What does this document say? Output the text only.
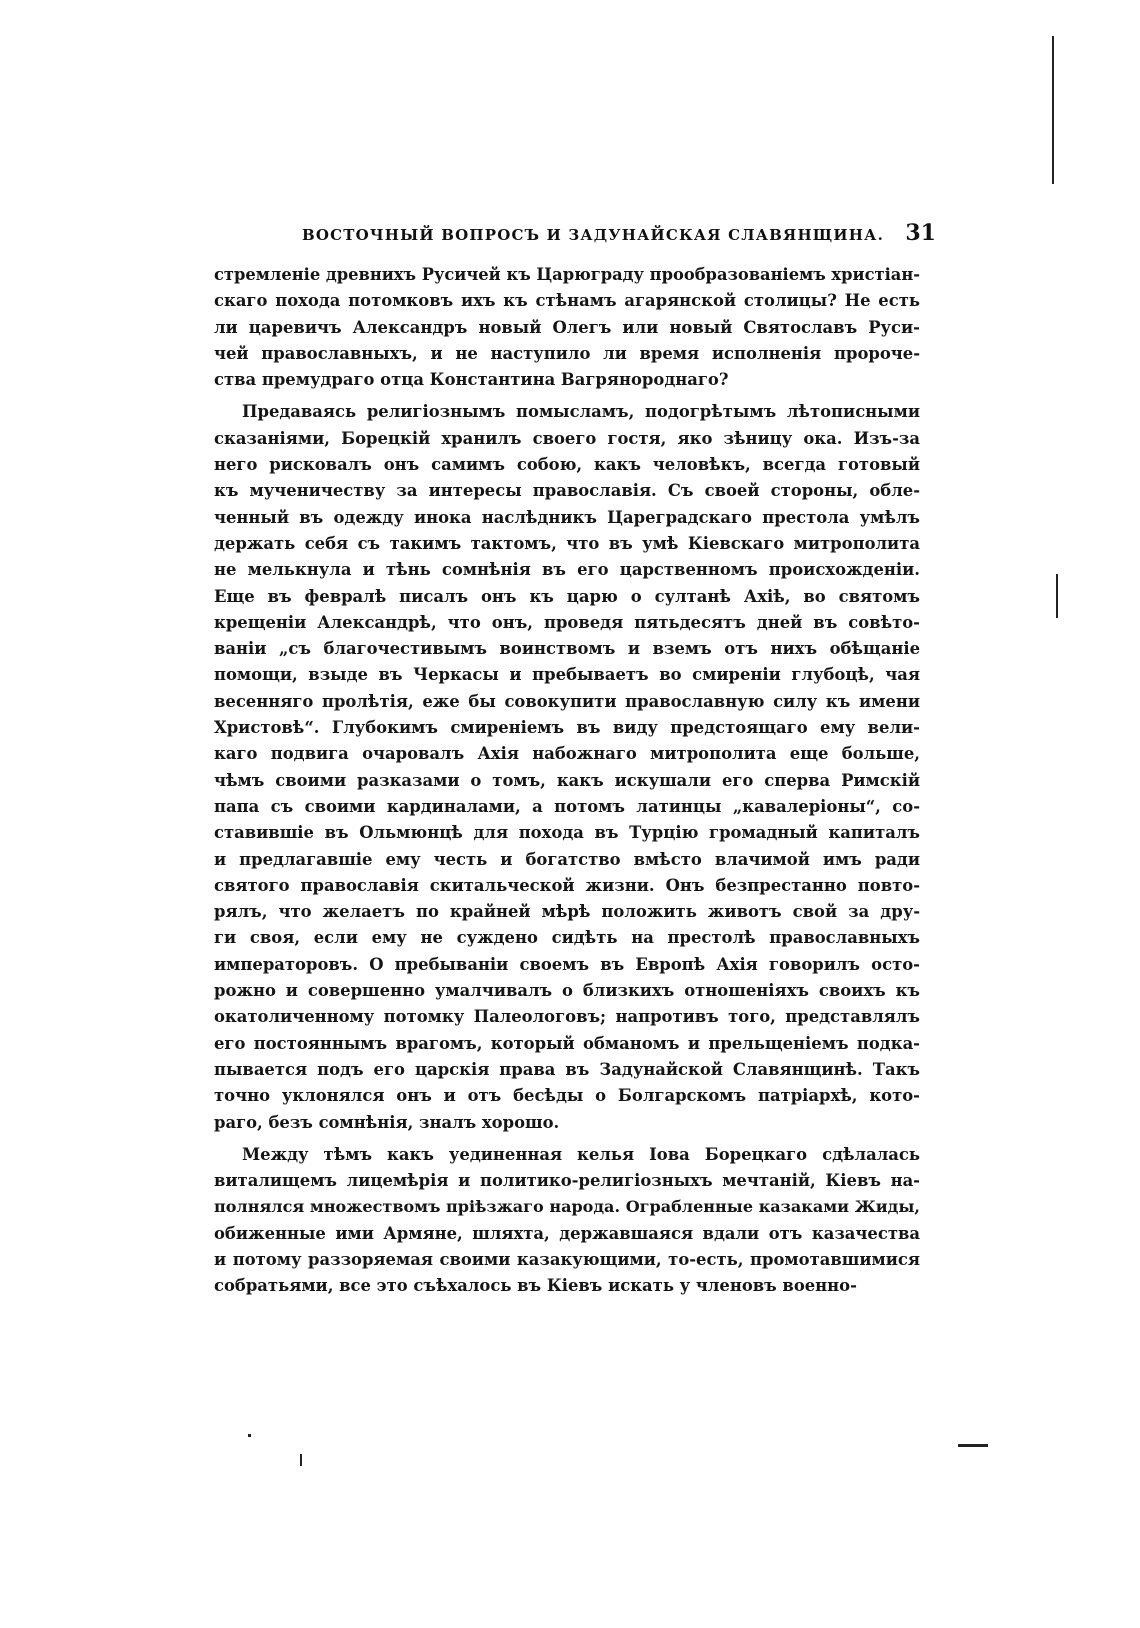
ВОСТОЧНЫЙ ВОПРОСЪ И ЗАДУНАЙСКАЯ СЛАВЯНЩИНА. 31
стремленіе древнихъ Русичей къ Царюграду прообразованіемъ христіан-
скаго похода потомковъ ихъ къ стѣнамъ агарянской столицы? Не есть
ли царевичъ Александръ новый Олегъ или новый Святославъ Руси-
чей православныхъ, и не наступило ли время исполненія пророче-
ства премудраго отца Константина Вагрянороднаго?
Предаваясь религіознымъ помысламъ, подогрѣтымъ лѣтописными
сказаніями, Борецкій хранилъ своего гостя, яко зѣницу ока. Изъ-за
него рисковалъ онъ самимъ собою, какъ человѣкъ, всегда готовый
къ мученичеству за интересы православія. Съ своей стороны, обле-
ченный въ одежду инока наслѣдникъ Цареградскаго престола умѣлъ
держать себя съ такимъ тактомъ, что въ умѣ Кіевскаго митрополита
не мелькнула и тѣнь сомнѣнія въ его царственномъ происхожденіи.
Еще въ февралѣ писалъ онъ къ царю о султанѣ Ахіѣ, во святомъ
крещеніи Александрѣ, что онъ, проведя пятьдесятъ дней въ совѣто-
ваніи „съ благочестивымъ воинствомъ и вземъ отъ нихъ обѣщаніе
помощи, взыде въ Черкасы и пребываетъ во смиреніи глубоцѣ, чая
весенняго пролѣтія, еже бы совокупити православную силу къ имени
Христовѣ“. Глубокимъ смиреніемъ въ виду предстоящаго ему вели-
каго подвига очаровалъ Ахія набожнаго митрополита еще больше,
чѣмъ своими разказами о томъ, какъ искушали его сперва Римскій
папа съ своими кардиналами, а потомъ латинцы „кавалеріоны“, со-
ставившіе въ Ольмюнцѣ для похода въ Турцію громадный капиталъ
и предлагавшіе ему честь и богатство вмѣсто влачимой имъ ради
святого православія скитальческой жизни. Онъ безпрестанно повто-
рялъ, что желаетъ по крайней мѣрѣ положить животъ свой за дру-
ги своя, если ему не суждено сидѣть на престолѣ православныхъ
императоровъ. О пребываніи своемъ въ Европѣ Ахія говорилъ осто-
рожно и совершенно умалчивалъ о близкихъ отношеніяхъ своихъ къ
окатоличенному потомку Палеологовъ; напротивъ того, представлялъ
его постояннымъ врагомъ, который обманомъ и прельщеніемъ подка-
пывается подъ его царскія права въ Задунайской Славянщинѣ. Такъ
точно уклонялся онъ и отъ бесѣды о Болгарскомъ патріархѣ, кото-
раго, безъ сомнѣнія, зналъ хорошо.
Между тѣмъ какъ уединенная келья Іова Борецкаго сдѣлалась
виталищемъ лицемѣрія и политико-религіозныхъ мечтаній, Кіевъ на-
полнялся множествомъ пріѣзжаго народа. Ограбленные казаками Жиды,
обиженные ими Армяне, шляхта, державшаяся вдали отъ казачества
и потому раззоряемая своими казакующими, то-есть, промотавшимися
собратьями, все это съѣхалось въ Кіевъ искать у членовъ военно-
